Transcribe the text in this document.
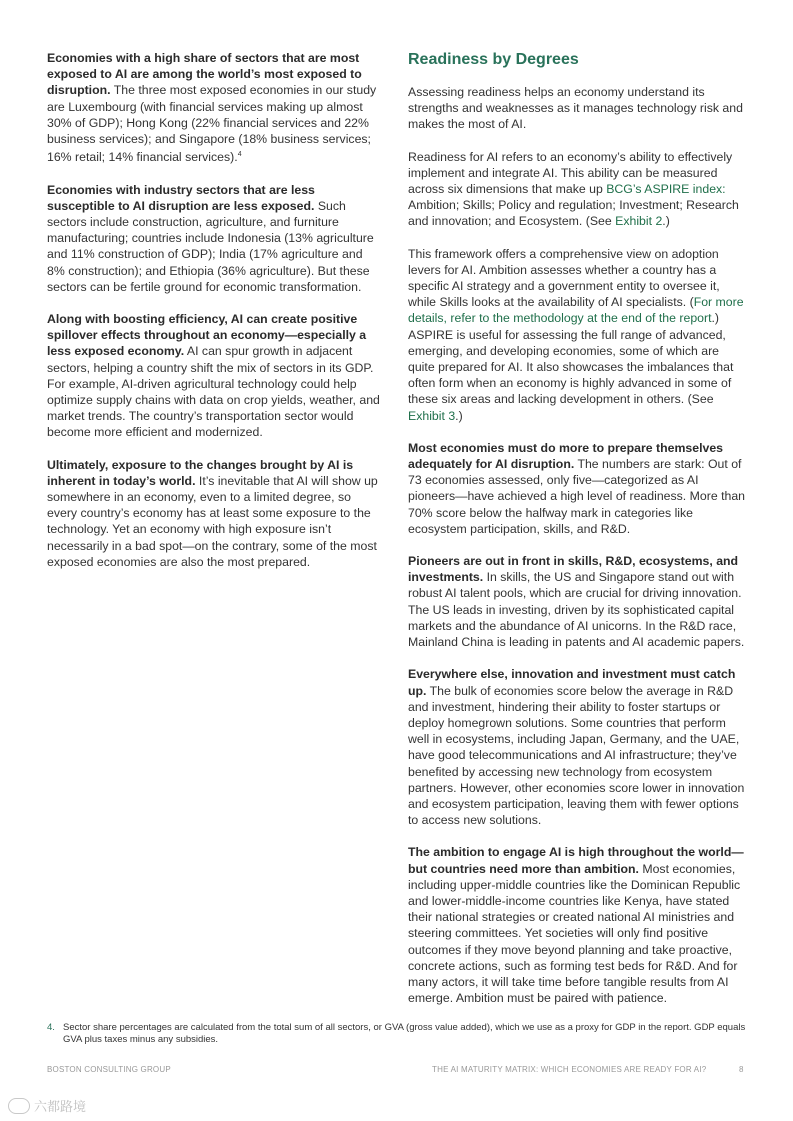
Economies with a high share of sectors that are most exposed to AI are among the world’s most exposed to disruption. The three most exposed economies in our study are Luxembourg (with financial services making up almost 30% of GDP); Hong Kong (22% financial services and 22% business services); and Singapore (18% business services; 16% retail; 14% financial services).$^4$

Economies with industry sectors that are less susceptible to AI disruption are less exposed. Such sectors include construction, agriculture, and furniture manufacturing; countries include Indonesia (13% agriculture and 11% construction of GDP); India (17% agriculture and 8% construction); and Ethiopia (36% agriculture). But these sectors can be fertile ground for economic transformation.

Along with boosting efficiency, AI can create positive spillover effects throughout an economy—especially a less exposed economy. AI can spur growth in adjacent sectors, helping a country shift the mix of sectors in its GDP. For example, AI-driven agricultural technology could help optimize supply chains with data on crop yields, weather, and market trends. The country’s transportation sector would become more efficient and modernized.

Ultimately, exposure to the changes brought by AI is inherent in today’s world. It’s inevitable that AI will show up somewhere in an economy, even to a limited degree, so every country’s economy has at least some exposure to the technology. Yet an economy with high exposure isn’t necessarily in a bad spot—on the contrary, some of the most exposed economies are also the most prepared.

Readiness by Degrees

Assessing readiness helps an economy understand its strengths and weaknesses as it manages technology risk and makes the most of AI.

Readiness for AI refers to an economy’s ability to effectively implement and integrate AI. This ability can be measured across six dimensions that make up BCG’s ASPIRE index: Ambition; Skills; Policy and regulation; Investment; Research and innovation; and Ecosystem. (See Exhibit 2.)

This framework offers a comprehensive view on adoption levers for AI. Ambition assesses whether a country has a specific AI strategy and a government entity to oversee it, while Skills looks at the availability of AI specialists. (For more details, refer to the methodology at the end of the report.) ASPIRE is useful for assessing the full range of advanced, emerging, and developing economies, some of which are quite prepared for AI. It also showcases the imbalances that often form when an economy is highly advanced in some of these six areas and lacking development in others. (See Exhibit 3.)

Most economies must do more to prepare themselves adequately for AI disruption. The numbers are stark: Out of 73 economies assessed, only five—categorized as AI pioneers—have achieved a high level of readiness. More than 70% score below the halfway mark in categories like ecosystem participation, skills, and R&D.

Pioneers are out in front in skills, R&D, ecosystems, and investments. In skills, the US and Singapore stand out with robust AI talent pools, which are crucial for driving innovation. The US leads in investing, driven by its sophisticated capital markets and the abundance of AI unicorns. In the R&D race, Mainland China is leading in patents and AI academic papers.

Everywhere else, innovation and investment must catch up. The bulk of economies score below the average in R&D and investment, hindering their ability to foster startups or deploy homegrown solutions. Some countries that perform well in ecosystems, including Japan, Germany, and the UAE, have good telecommunications and AI infrastructure; they’ve benefited by accessing new technology from ecosystem partners. However, other economies score lower in innovation and ecosystem participation, leaving them with fewer options to access new solutions.

The ambition to engage AI is high throughout the world—but countries need more than ambition. Most economies, including upper-middle countries like the Dominican Republic and lower-middle-income countries like Kenya, have stated their national strategies or created national AI ministries and steering committees. Yet societies will only find positive outcomes if they move beyond planning and take proactive, concrete actions, such as forming test beds for R&D. And for many actors, it will take time before tangible results from AI emerge. Ambition must be paired with patience.

4. Sector share percentages are calculated from the total sum of all sectors, or GVA (gross value added), which we use as a proxy for GDP in the report. GDP equals GVA plus taxes minus any subsidies.
BOSTON CONSULTING GROUP	THE AI MATURITY MATRIX: WHICH ECONOMIES ARE READY FOR AI?	8
六都路境
